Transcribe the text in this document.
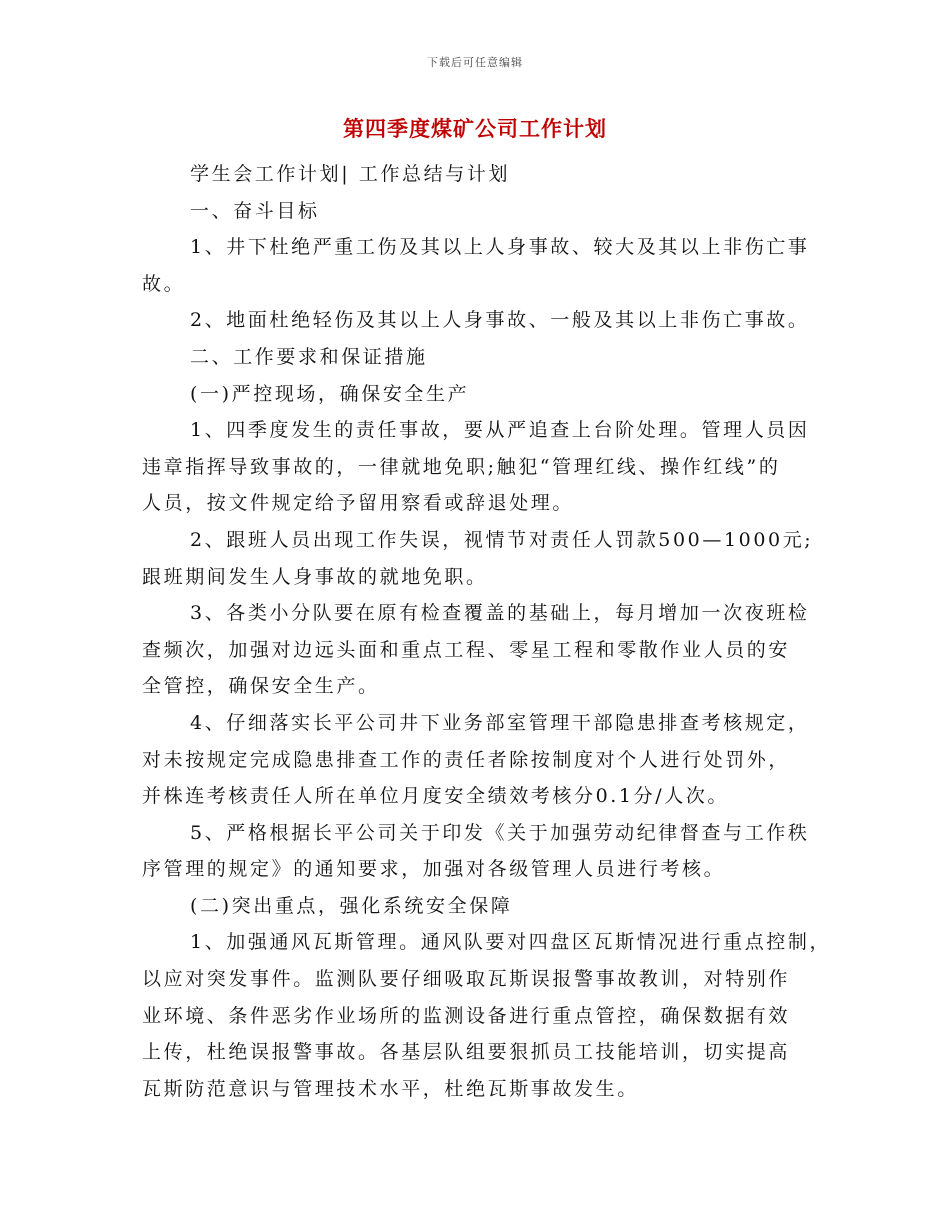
下载后可任意编辑
第四季度煤矿公司工作计划

学生会工作计划| 工作总结与计划

一、奋斗目标

1、井下杜绝严重工伤及其以上人身事故、较大及其以上非伤亡事

故。

2、地面杜绝轻伤及其以上人身事故、一般及其以上非伤亡事故。

二、工作要求和保证措施

(一)严控现场，确保安全生产

1、四季度发生的责任事故，要从严追查上台阶处理。管理人员因

违章指挥导致事故的，一律就地免职;触犯“管理红线、操作红线”的

人员，按文件规定给予留用察看或辞退处理。

2、跟班人员出现工作失误，视情节对责任人罚款500—1000元;

跟班期间发生人身事故的就地免职。

3、各类小分队要在原有检查覆盖的基础上，每月增加一次夜班检

查频次，加强对边远头面和重点工程、零星工程和零散作业人员的安

全管控，确保安全生产。

4、仔细落实长平公司井下业务部室管理干部隐患排查考核规定，

对未按规定完成隐患排查工作的责任者除按制度对个人进行处罚外，

并株连考核责任人所在单位月度安全绩效考核分0.1分/人次。

5、严格根据长平公司关于印发《关于加强劳动纪律督查与工作秩

序管理的规定》的通知要求，加强对各级管理人员进行考核。

(二)突出重点，强化系统安全保障

1、加强通风瓦斯管理。通风队要对四盘区瓦斯情况进行重点控制，

以应对突发事件。监测队要仔细吸取瓦斯误报警事故教训，对特别作

业环境、条件恶劣作业场所的监测设备进行重点管控，确保数据有效

上传，杜绝误报警事故。各基层队组要狠抓员工技能培训，切实提高

瓦斯防范意识与管理技术水平，杜绝瓦斯事故发生。
